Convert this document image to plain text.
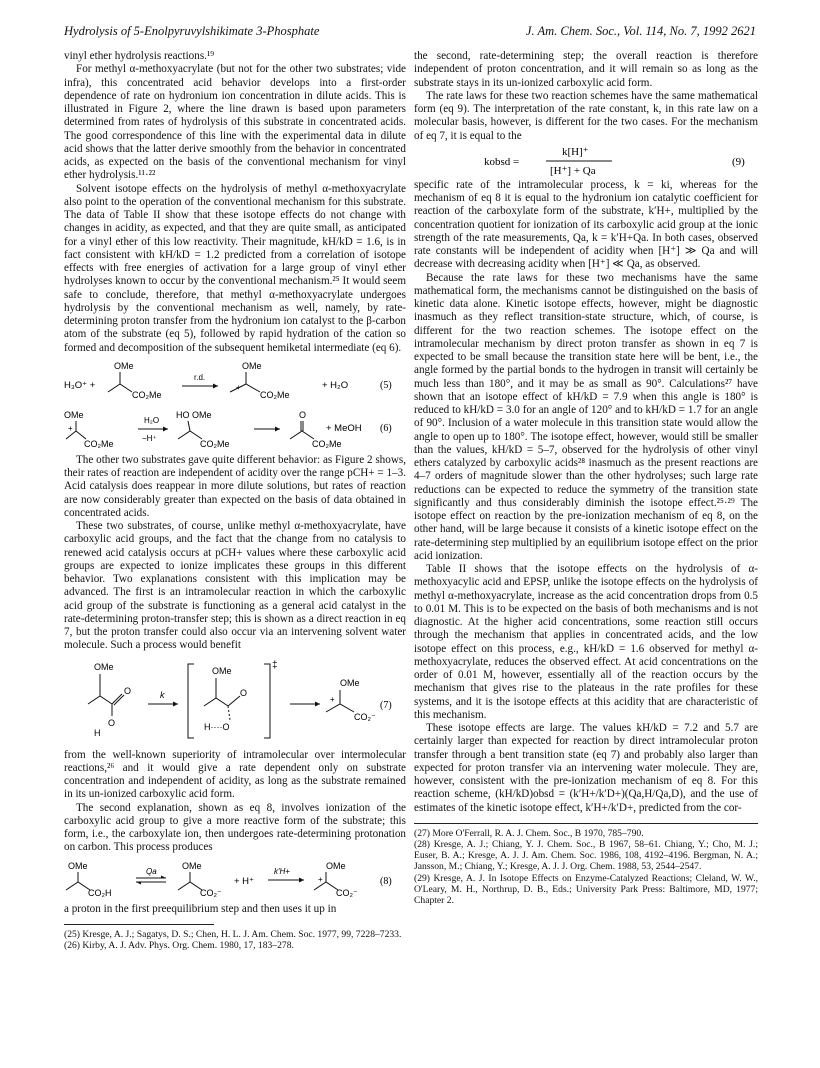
Hydrolysis of 5-Enolpyruvylshikimate 3-Phosphate	J. Am. Chem. Soc., Vol. 114, No. 7, 1992 2621

vinyl ether hydrolysis reactions.¹⁹

For methyl α-methoxyacrylate (but not for the other two substrates; vide infra), this concentrated acid behavior develops into a first-order dependence of rate on hydronium ion concentration in dilute acids. This is illustrated in Figure 2, where the line drawn is based upon parameters determined from rates of hydrolysis of this substrate in concentrated acids. The good correspondence of this line with the experimental data in dilute acid shows that the latter derive smoothly from the behavior in concentrated acids, as expected on the basis of the conventional mechanism for vinyl ether hydrolysis.¹¹·²²

Solvent isotope effects on the hydrolysis of methyl α-methoxyacrylate also point to the operation of the conventional mechanism for this substrate. The data of Table II show that these isotope effects do not change with changes in acidity, as expected, and that they are quite small, as anticipated for a vinyl ether of this low reactivity. Their magnitude, kH/kD = 1.6, is in fact consistent with kH/kD = 1.2 predicted from a correlation of isotope effects with free energies of activation for a large group of vinyl ether hydrolyses known to occur by the conventional mechanism.²⁵ It would seem safe to conclude, therefore, that methyl α-methoxyacrylate undergoes hydrolysis by the conventional mechanism as well, namely, by rate-determining proton transfer from the hydronium ion catalyst to the β-carbon atom of the substrate (eq 5), followed by rapid hydration of the cation so formed and decomposition of the subsequent hemiketal intermediate (eq 6).

H₃O⁺ +
OMe
CO₂Me
r.d.
OMe
+
CO₂Me
+ H₂O	(5)
OMe
+
CO₂Me
H₂O
−H⁺
HO OMe
CO₂Me
O
CO₂Me
+ MeOH (6)

The other two substrates gave quite different behavior: as Figure 2 shows, their rates of reaction are independent of acidity over the range pCH+ = 1–3. Acid catalysis does reappear in more dilute solutions, but rates of reaction are now considerably greater than expected on the basis of data obtained in concentrated acids.

These two substrates, of course, unlike methyl α-methoxyacrylate, have carboxylic acid groups, and the fact that the change from no catalysis to renewed acid catalysis occurs at pCH+ values where these carboxylic acid groups are expected to ionize implicates these groups in this different behavior. Two explanations consistent with this implication may be advanced. The first is an intramolecular reaction in which the carboxylic acid group of the substrate is functioning as a general acid catalyst in the rate-determining proton-transfer step; this is shown as a direct reaction in eq 7, but the proton transfer could also occur via an intervening solvent water molecule. Such a process would benefit

OMe
O
O
H
k
‡
OMe
O
H····O
OMe
+
CO₂⁻
(7)

from the well-known superiority of intramolecular over intermolecular reactions,²⁶ and it would give a rate dependent only on substrate concentration and independent of acidity, as long as the substrate remained in its un-ionized carboxylic acid form.

The second explanation, shown as eq 8, involves ionization of the carboxylic acid group to give a more reactive form of the substrate; this form, i.e., the carboxylate ion, then undergoes rate-determining protonation on carbon. This process produces

OMe
CO₂H
Qa
OMe
CO₂⁻
+ H⁺
k′H+
OMe
+
CO₂⁻
(8)

a proton in the first preequilibrium step and then uses it up in

(25) Kresge, A. J.; Sagatys, D. S.; Chen, H. L. J. Am. Chem. Soc. 1977, 99, 7228–7233.
(26) Kirby, A. J. Adv. Phys. Org. Chem. 1980, 17, 183–278.

the second, rate-determining step; the overall reaction is therefore independent of proton concentration, and it will remain so as long as the substrate stays in its un-ionized carboxylic acid form.

The rate laws for these two reaction schemes have the same mathematical form (eq 9). The interpretation of the rate constant, k, in this rate law on a molecular basis, however, is different for the two cases. For the mechanism of eq 7, it is equal to the

kobsd =
k[H]⁺
[H⁺] + Qa
(9)

specific rate of the intramolecular process, k = ki, whereas for the mechanism of eq 8 it is equal to the hydronium ion catalytic coefficient for reaction of the carboxylate form of the substrate, k′H+, multiplied by the concentration quotient for ionization of its carboxylic acid group at the ionic strength of the rate measurements, Qa, k = k′H+Qa. In both cases, observed rate constants will be independent of acidity when [H⁺] ≫ Qa and will decrease with decreasing acidity when [H⁺] ≪ Qa, as observed.

Because the rate laws for these two mechanisms have the same mathematical form, the mechanisms cannot be distinguished on the basis of kinetic data alone. Kinetic isotope effects, however, might be diagnostic inasmuch as they reflect transition-state structure, which, of course, is different for the two reaction schemes. The isotope effect on the intramolecular mechanism by direct proton transfer as shown in eq 7 is expected to be small because the transition state here will be bent, i.e., the angle formed by the partial bonds to the hydrogen in transit will certainly be much less than 180°, and it may be as small as 90°. Calculations²⁷ have shown that an isotope effect of kH/kD = 7.9 when this angle is 180° is reduced to kH/kD = 3.0 for an angle of 120° and to kH/kD = 1.7 for an angle of 90°. Inclusion of a water molecule in this transition state would allow the angle to open up to 180°. The isotope effect, however, would still be smaller than the values, kH/kD = 5–7, observed for the hydrolysis of other vinyl ethers catalyzed by carboxylic acids²⁸ inasmuch as the present reactions are 4–7 orders of magnitude slower than the other hydrolyses; such large rate reductions can be expected to reduce the symmetry of the transition state significantly and thus considerably diminish the isotope effect.²⁵·²⁹ The isotope effect on reaction by the pre-ionization mechanism of eq 8, on the other hand, will be large because it consists of a kinetic isotope effect on the rate-determining step multiplied by an equilibrium isotope effect on the prior acid ionization.

Table II shows that the isotope effects on the hydrolysis of α-methoxyacylic acid and EPSP, unlike the isotope effects on the hydrolysis of methyl α-methoxyacrylate, increase as the acid concentration drops from 0.5 to 0.01 M. This is to be expected on the basis of both mechanisms and is not diagnostic. At the higher acid concentrations, some reaction still occurs through the mechanism that applies in concentrated acids, and the low isotope effect on this process, e.g., kH/kD = 1.6 observed for methyl α-methoxyacrylate, reduces the observed effect. At acid concentrations on the order of 0.01 M, however, essentially all of the reaction occurs by the mechanism that gives rise to the plateaus in the rate profiles for these systems, and it is the isotope effects at this acidity that are characteristic of this mechanism.

These isotope effects are large. The values kH/kD = 7.2 and 5.7 are certainly larger than expected for reaction by direct intramolecular proton transfer through a bent transition state (eq 7) and probably also larger than expected for proton transfer via an intervening water molecule. They are, however, consistent with the pre-ionization mechanism of eq 8. For this reaction scheme, (kH/kD)obsd = (k′H+/k′D+)(Qa,H/Qa,D), and the use of estimates of the kinetic isotope effect, k′H+/k′D+, predicted from the cor-

(27) More O'Ferrall, R. A. J. Chem. Soc., B 1970, 785–790.
(28) Kresge, A. J.; Chiang, Y. J. Chem. Soc., B 1967, 58–61. Chiang, Y.; Cho, M. J.; Euser, B. A.; Kresge, A. J. J. Am. Chem. Soc. 1986, 108, 4192–4196. Bergman, N. A.; Jansson, M.; Chiang, Y.; Kresge, A. J. J. Org. Chem. 1988, 53, 2544–2547.
(29) Kresge, A. J. In Isotope Effects on Enzyme-Catalyzed Reactions; Cleland, W. W., O'Leary, M. H., Northrup, D. B., Eds.; University Park Press: Baltimore, MD, 1977; Chapter 2.
